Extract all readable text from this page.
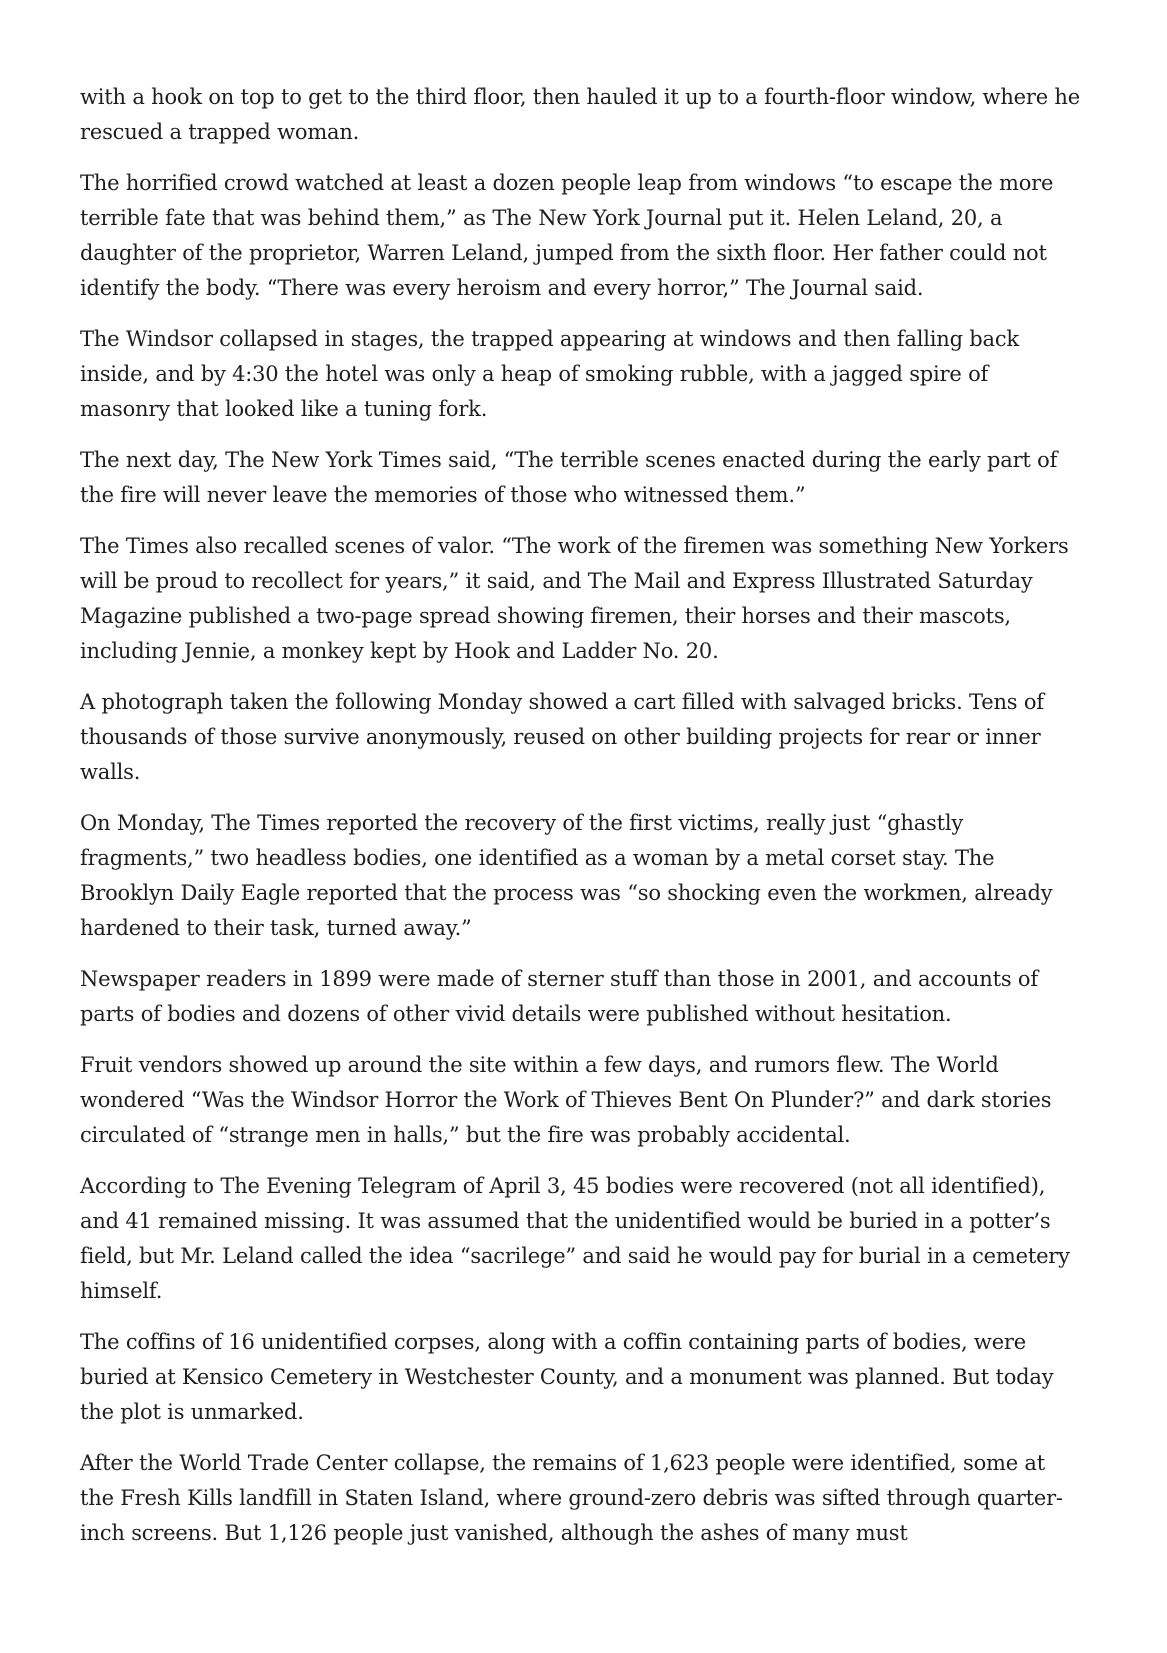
with a hook on top to get to the third floor, then hauled it up to a fourth-floor window, where he rescued a trapped woman.

The horrified crowd watched at least a dozen people leap from windows “to escape the more terrible fate that was behind them,” as The New York Journal put it. Helen Leland, 20, a daughter of the proprietor, Warren Leland, jumped from the sixth floor. Her father could not identify the body. “There was every heroism and every horror,” The Journal said.

The Windsor collapsed in stages, the trapped appearing at windows and then falling back inside, and by 4:30 the hotel was only a heap of smoking rubble, with a jagged spire of masonry that looked like a tuning fork.

The next day, The New York Times said, “The terrible scenes enacted during the early part of the fire will never leave the memories of those who witnessed them.”

The Times also recalled scenes of valor. “The work of the firemen was something New Yorkers will be proud to recollect for years,” it said, and The Mail and Express Illustrated Saturday Magazine published a two-page spread showing firemen, their horses and their mascots, including Jennie, a monkey kept by Hook and Ladder No. 20.

A photograph taken the following Monday showed a cart filled with salvaged bricks. Tens of thousands of those survive anonymously, reused on other building projects for rear or inner walls.

On Monday, The Times reported the recovery of the first victims, really just “ghastly fragments,” two headless bodies, one identified as a woman by a metal corset stay. The Brooklyn Daily Eagle reported that the process was “so shocking even the workmen, already hardened to their task, turned away.”

Newspaper readers in 1899 were made of sterner stuff than those in 2001, and accounts of parts of bodies and dozens of other vivid details were published without hesitation.

Fruit vendors showed up around the site within a few days, and rumors flew. The World wondered “Was the Windsor Horror the Work of Thieves Bent On Plunder?” and dark stories circulated of “strange men in halls,” but the fire was probably accidental.

According to The Evening Telegram of April 3, 45 bodies were recovered (not all identified), and 41 remained missing. It was assumed that the unidentified would be buried in a potter’s field, but Mr. Leland called the idea “sacrilege” and said he would pay for burial in a cemetery himself.

The coffins of 16 unidentified corpses, along with a coffin containing parts of bodies, were buried at Kensico Cemetery in Westchester County, and a monument was planned. But today the plot is unmarked.

After the World Trade Center collapse, the remains of 1,623 people were identified, some at the Fresh Kills landfill in Staten Island, where ground-zero debris was sifted through quarter-inch screens. But 1,126 people just vanished, although the ashes of many must
